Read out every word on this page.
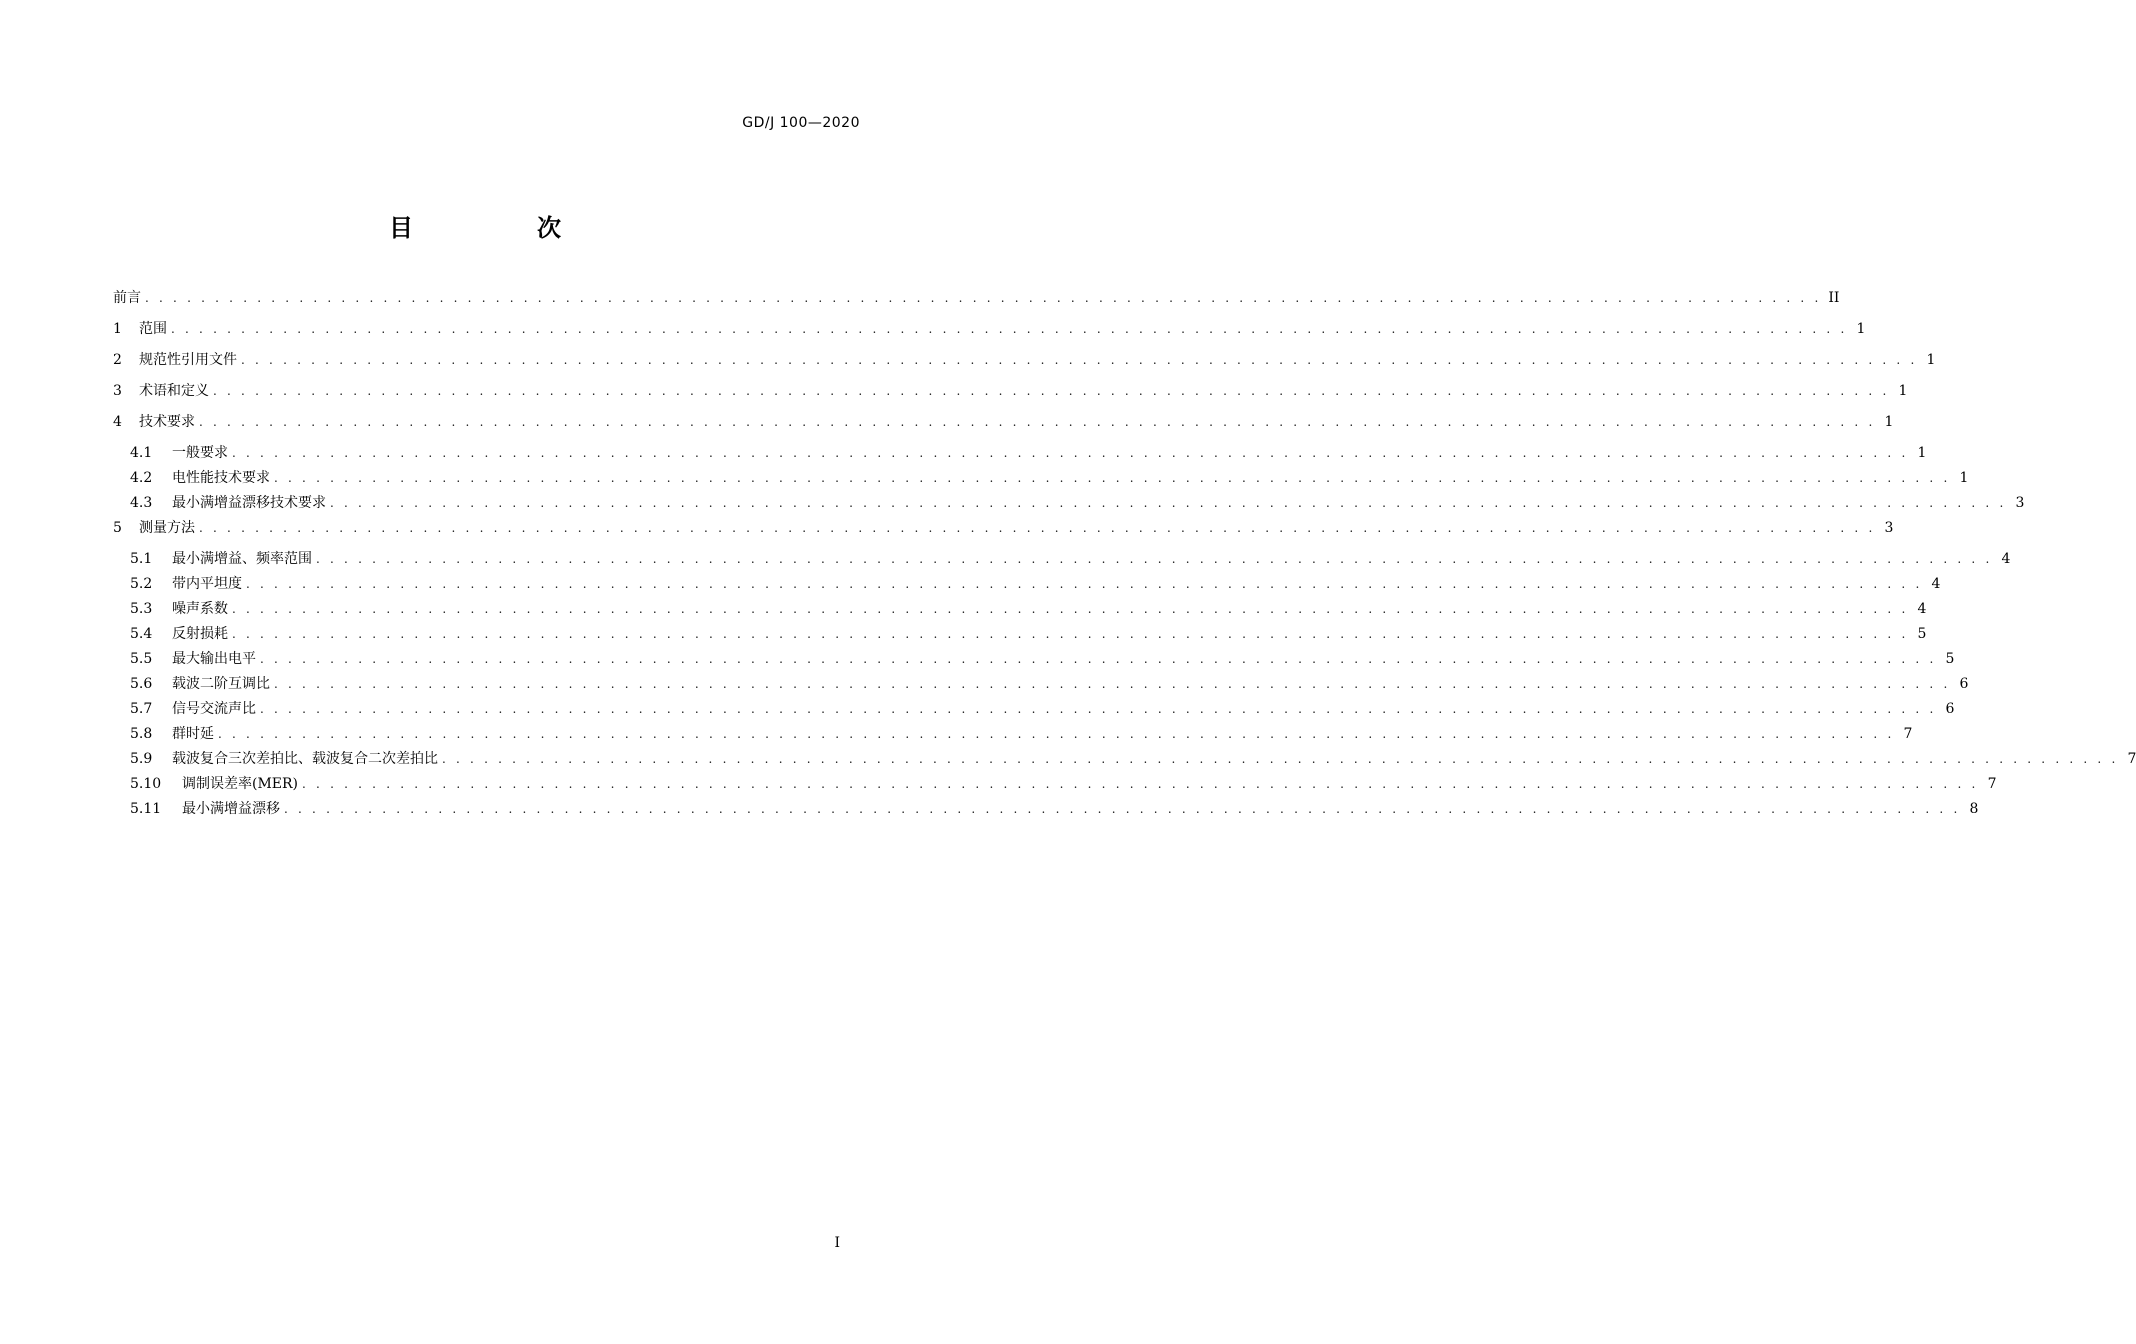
GD/J 100—2020
目　次
前言 . . . . . . . . . . . . . . . . . . . . . . . . . . . . . . . . . . . . . . . . . . . . . . . . . . . . . . . . . . . . . . . . . . . . . . . . . . . . . . . . . . . . . . . . . . . . . . . . . . . . . . . . . . . . . . . . . . . . . . . . II
1	范围 . . . . . . . . . . . . . . . . . . . . . . . . . . . . . . . . . . . . . . . . . . . . . . . . . . . . . . . . . . . . . . . . . . . . . . . . . . . . . . . . . . . . . . . . . . . . . . . . . . . . . . . . . . . . . . . . . . . . . . . . 1
2	规范性引用文件 . . . . . . . . . . . . . . . . . . . . . . . . . . . . . . . . . . . . . . . . . . . . . . . . . . . . . . . . . . . . . . . . . . . . . . . . . . . . . . . . . . . . . . . . . . . . . . . . . . . . . . . . . . . . . . . . . . . . . . . . 1
3	术语和定义 . . . . . . . . . . . . . . . . . . . . . . . . . . . . . . . . . . . . . . . . . . . . . . . . . . . . . . . . . . . . . . . . . . . . . . . . . . . . . . . . . . . . . . . . . . . . . . . . . . . . . . . . . . . . . . . . . . . . . . . . 1
4	技术要求 . . . . . . . . . . . . . . . . . . . . . . . . . . . . . . . . . . . . . . . . . . . . . . . . . . . . . . . . . . . . . . . . . . . . . . . . . . . . . . . . . . . . . . . . . . . . . . . . . . . . . . . . . . . . . . . . . . . . . . . . 1
4.1	一般要求 . . . . . . . . . . . . . . . . . . . . . . . . . . . . . . . . . . . . . . . . . . . . . . . . . . . . . . . . . . . . . . . . . . . . . . . . . . . . . . . . . . . . . . . . . . . . . . . . . . . . . . . . . . . . . . . . . . . . . . . . 1
4.2	电性能技术要求 . . . . . . . . . . . . . . . . . . . . . . . . . . . . . . . . . . . . . . . . . . . . . . . . . . . . . . . . . . . . . . . . . . . . . . . . . . . . . . . . . . . . . . . . . . . . . . . . . . . . . . . . . . . . . . . . . . . . . . . . 1
4.3	最小满增益漂移技术要求 . . . . . . . . . . . . . . . . . . . . . . . . . . . . . . . . . . . . . . . . . . . . . . . . . . . . . . . . . . . . . . . . . . . . . . . . . . . . . . . . . . . . . . . . . . . . . . . . . . . . . . . . . . . . . . . . . . . . . . . . 3
5	测量方法 . . . . . . . . . . . . . . . . . . . . . . . . . . . . . . . . . . . . . . . . . . . . . . . . . . . . . . . . . . . . . . . . . . . . . . . . . . . . . . . . . . . . . . . . . . . . . . . . . . . . . . . . . . . . . . . . . . . . . . . . 3
5.1	最小满增益、频率范围 . . . . . . . . . . . . . . . . . . . . . . . . . . . . . . . . . . . . . . . . . . . . . . . . . . . . . . . . . . . . . . . . . . . . . . . . . . . . . . . . . . . . . . . . . . . . . . . . . . . . . . . . . . . . . . . . . . . . . . . . 4
5.2	带内平坦度 . . . . . . . . . . . . . . . . . . . . . . . . . . . . . . . . . . . . . . . . . . . . . . . . . . . . . . . . . . . . . . . . . . . . . . . . . . . . . . . . . . . . . . . . . . . . . . . . . . . . . . . . . . . . . . . . . . . . . . . . 4
5.3	噪声系数 . . . . . . . . . . . . . . . . . . . . . . . . . . . . . . . . . . . . . . . . . . . . . . . . . . . . . . . . . . . . . . . . . . . . . . . . . . . . . . . . . . . . . . . . . . . . . . . . . . . . . . . . . . . . . . . . . . . . . . . . 4
5.4	反射损耗 . . . . . . . . . . . . . . . . . . . . . . . . . . . . . . . . . . . . . . . . . . . . . . . . . . . . . . . . . . . . . . . . . . . . . . . . . . . . . . . . . . . . . . . . . . . . . . . . . . . . . . . . . . . . . . . . . . . . . . . . 5
5.5	最大输出电平 . . . . . . . . . . . . . . . . . . . . . . . . . . . . . . . . . . . . . . . . . . . . . . . . . . . . . . . . . . . . . . . . . . . . . . . . . . . . . . . . . . . . . . . . . . . . . . . . . . . . . . . . . . . . . . . . . . . . . . . . 5
5.6	载波二阶互调比 . . . . . . . . . . . . . . . . . . . . . . . . . . . . . . . . . . . . . . . . . . . . . . . . . . . . . . . . . . . . . . . . . . . . . . . . . . . . . . . . . . . . . . . . . . . . . . . . . . . . . . . . . . . . . . . . . . . . . . . . 6
5.7	信号交流声比 . . . . . . . . . . . . . . . . . . . . . . . . . . . . . . . . . . . . . . . . . . . . . . . . . . . . . . . . . . . . . . . . . . . . . . . . . . . . . . . . . . . . . . . . . . . . . . . . . . . . . . . . . . . . . . . . . . . . . . . . 6
5.8	群时延 . . . . . . . . . . . . . . . . . . . . . . . . . . . . . . . . . . . . . . . . . . . . . . . . . . . . . . . . . . . . . . . . . . . . . . . . . . . . . . . . . . . . . . . . . . . . . . . . . . . . . . . . . . . . . . . . . . . . . . . . 7
5.9	载波复合三次差拍比、载波复合二次差拍比 . . . . . . . . . . . . . . . . . . . . . . . . . . . . . . . . . . . . . . . . . . . . . . . . . . . . . . . . . . . . . . . . . . . . . . . . . . . . . . . . . . . . . . . . . . . . . . . . . . . . . . . . . . . . . . . . . . . . . . . . 7
5.10	调制误差率(MER) . . . . . . . . . . . . . . . . . . . . . . . . . . . . . . . . . . . . . . . . . . . . . . . . . . . . . . . . . . . . . . . . . . . . . . . . . . . . . . . . . . . . . . . . . . . . . . . . . . . . . . . . . . . . . . . . . . . . . . . . 7
5.11	最小满增益漂移 . . . . . . . . . . . . . . . . . . . . . . . . . . . . . . . . . . . . . . . . . . . . . . . . . . . . . . . . . . . . . . . . . . . . . . . . . . . . . . . . . . . . . . . . . . . . . . . . . . . . . . . . . . . . . . . . . . . . . . . . 8
I
